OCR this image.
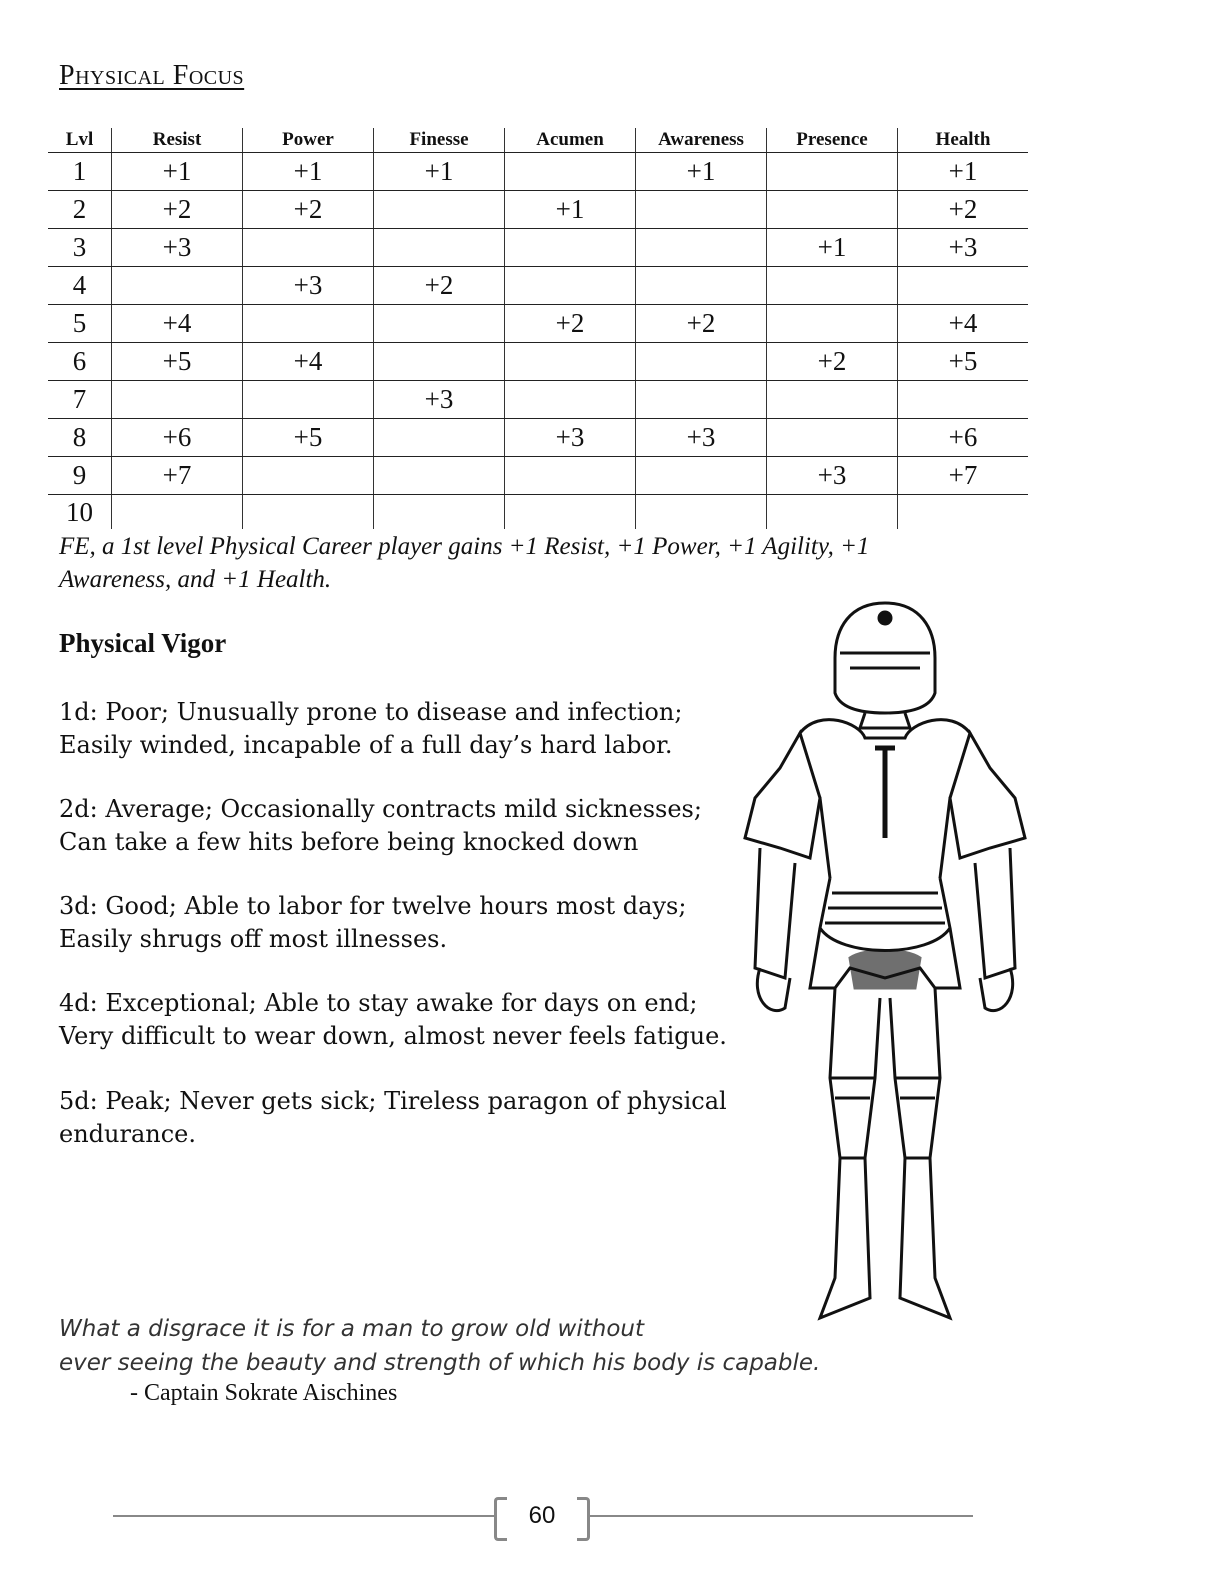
Physical Focus
Lvl	Resist	Power	Finesse	Acumen	Awareness	Presence	Health
1	+1	+1	+1		+1		+1
2	+2	+2		+1			+2
3	+3					+1	+3
4		+3	+2				
5	+4			+2	+2		+4
6	+5	+4				+2	+5
7			+3				
8	+6	+5		+3	+3		+6
9	+7					+3	+7
10							
FE, a 1st level Physical Career player gains +1 Resist, +1 Power, +1 Agility, +1 Awareness, and +1 Health.
Physical Vigor
1d: Poor; Unusually prone to disease and infection;
Easily winded, incapable of a full day’s hard labor.
2d: Average; Occasionally contracts mild sicknesses;
Can take a few hits before being knocked down
3d: Good; Able to labor for twelve hours most days;
Easily shrugs off most illnesses.
4d: Exceptional; Able to stay awake for days on end;
Very difficult to wear down, almost never feels fatigue.
5d: Peak; Never gets sick; Tireless paragon of physical
endurance.
What a disgrace it is for a man to grow old without
ever seeing the beauty and strength of which his body is capable.
- Captain Sokrate Aischines
60
